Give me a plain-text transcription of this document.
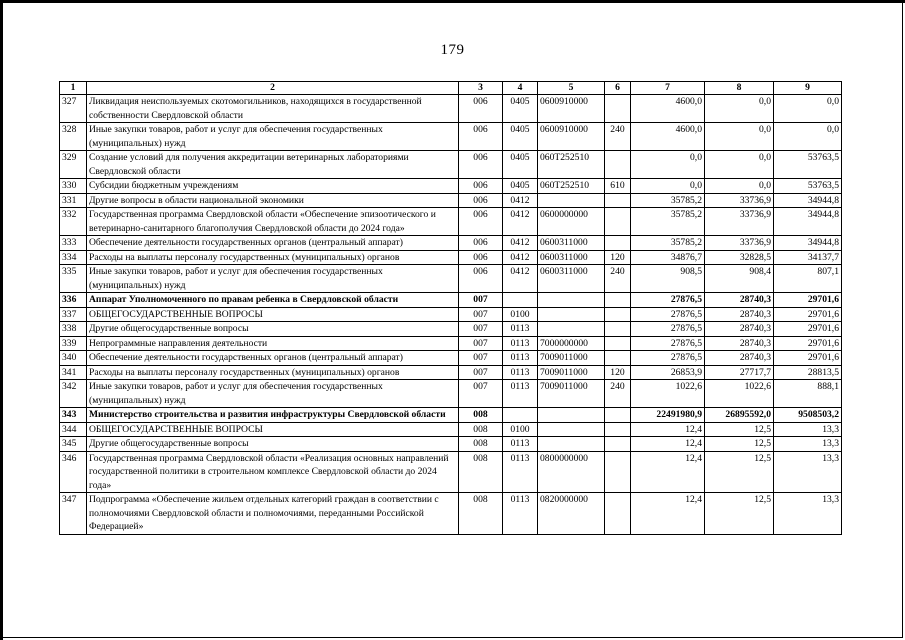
179
1	2	3	4	5	6	7	8	9
327	Ликвидация неиспользуемых скотомогильников, находящихся в государственной собственности Свердловской области	006	0405	0600910000		4600,0	0,0	0,0
328	Иные закупки товаров, работ и услуг для обеспечения государственных (муниципальных) нужд	006	0405	0600910000	240	4600,0	0,0	0,0
329	Создание условий для получения аккредитации ветеринарных лабораториями Свердловской области	006	0405	060Т252510		0,0	0,0	53763,5
330	Субсидии бюджетным учреждениям	006	0405	060Т252510	610	0,0	0,0	53763,5
331	Другие вопросы в области национальной экономики	006	0412			35785,2	33736,9	34944,8
332	Государственная программа Свердловской области «Обеспечение эпизоотического и ветеринарно-санитарного благополучия Свердловской области до 2024 года»	006	0412	0600000000		35785,2	33736,9	34944,8
333	Обеспечение деятельности государственных органов (центральный аппарат)	006	0412	0600311000		35785,2	33736,9	34944,8
334	Расходы на выплаты персоналу государственных (муниципальных) органов	006	0412	0600311000	120	34876,7	32828,5	34137,7
335	Иные закупки товаров, работ и услуг для обеспечения государственных (муниципальных) нужд	006	0412	0600311000	240	908,5	908,4	807,1
336	Аппарат Уполномоченного по правам ребенка в Свердловской области	007				27876,5	28740,3	29701,6
337	ОБЩЕГОСУДАРСТВЕННЫЕ ВОПРОСЫ	007	0100			27876,5	28740,3	29701,6
338	Другие общегосударственные вопросы	007	0113			27876,5	28740,3	29701,6
339	Непрограммные направления деятельности	007	0113	7000000000		27876,5	28740,3	29701,6
340	Обеспечение деятельности государственных органов (центральный аппарат)	007	0113	7009011000		27876,5	28740,3	29701,6
341	Расходы на выплаты персоналу государственных (муниципальных) органов	007	0113	7009011000	120	26853,9	27717,7	28813,5
342	Иные закупки товаров, работ и услуг для обеспечения государственных (муниципальных) нужд	007	0113	7009011000	240	1022,6	1022,6	888,1
343	Министерство строительства и развития инфраструктуры Свердловской области	008				22491980,9	26895592,0	9508503,2
344	ОБЩЕГОСУДАРСТВЕННЫЕ ВОПРОСЫ	008	0100			12,4	12,5	13,3
345	Другие общегосударственные вопросы	008	0113			12,4	12,5	13,3
346	Государственная программа Свердловской области «Реализация основных направлений государственной политики в строительном комплексе Свердловской области до 2024 года»	008	0113	0800000000		12,4	12,5	13,3
347	Подпрограмма «Обеспечение жильем отдельных категорий граждан в соответствии с полномочиями Свердловской области и полномочиями, переданными Российской Федерацией»	008	0113	0820000000		12,4	12,5	13,3
